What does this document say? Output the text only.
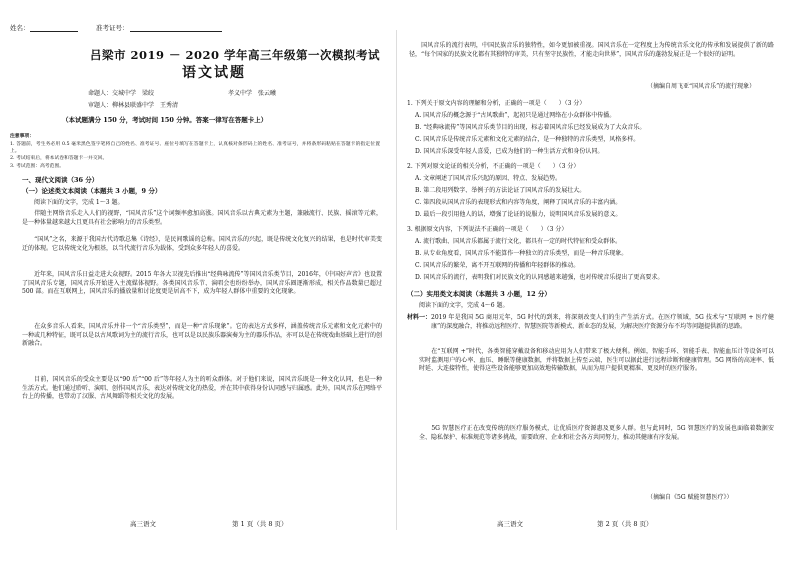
姓名：	准考证号：
吕梁市 2019 － 2020 学年高三年级第一次模拟考试
语文试题
命题人：交城中学　梁皎	孝义中学　张云曦
审题人：柳林县联盛中学　王秀清
（本试题满分 150 分，考试时间 150 分钟。答案一律写在答题卡上）
注意事项：
1. 答题前，考生务必用 0.5 毫米黑色签字笔将自己的姓名、准考证号、座位号填写在答题卡上，认真核对条形码上的姓名、准考证号，并将条形码粘贴在答题卡的指定位置上。
2. 考试结束后，将本试卷和答题卡一并交回。
3. 考试范围：高考范围。
一、现代文阅读（36 分）
（一）论述类文本阅读（本题共 3 小题，9 分）
阅读下面的文字，完成 1～3 题。
　　伴随主网络音乐走入人们的视野，“国风音乐”这个词频率愈加高涨。国风音乐以古典元素为主题，兼融流行、民族、摇滚等元素，是一种体量越来越大且更具有社会影响力的音乐类型。
　　“国风”之名，来源于我国古代诗歌总集《诗经》，是民间歌谣的总称。国风音乐的兴起，既是传统文化复兴的结果，也是时代审美变迁的体现。它以传统文化为根基，以当代流行音乐为载体，受到众多年轻人的喜爱。
　　近年来，国风音乐日益走进大众视野。2015 年各大卫视先后推出“经典咏流传”等国风音乐类节目，2016年，《中国好声音》也设置了国风音乐专题，国风音乐开始进入主流媒体视野。各类国风音乐节、演唱会也纷纷举办，国风音乐圈逐渐形成，相关作品数量已超过 500 部。而在互联网上，国风音乐的播放量和讨论度更是居高不下，成为年轻人群体中重要的文化现象。
　　在众多音乐人看来，国风音乐并非一个“音乐类型”，而是一种“音乐现象”。它的表达方式多样，涵盖传统音乐元素和文化元素中的一种或几种特征，既可以是以古风歌词为主的流行音乐，也可以是以民族乐器演奏为主的器乐作品，亦可以是在传统戏曲基础上进行的创新融合。
　　目前，国风音乐的受众主要是以“90 后”“00 后”等年轻人为主的听众群体。对于他们来说，国风音乐既是一种文化认同，也是一种生活方式。他们通过聆听、演唱、创作国风音乐，表达对传统文化的热爱，并在其中获得身份认同感与归属感。此外，国风音乐在网络平台上的传播，也带动了汉服、古风舞蹈等相关文化的发展。
高三语文	第 1 页（共 8 页）
　　国风音乐的流行表明，中国民族音乐的独特性，如今更加被重视。国风音乐在一定程度上为传统音乐文化的传承和发展提供了新的路径，“每个国家的民族文化都有其独特的审美，只有坚守民族性，才能走向世界”，国风音乐的蓬勃发展正是一个很好的证明。
（摘编自周飞亚“国风音乐”的流行现象）
1. 下列关于原文内容的理解和分析，正确的一项是（　　）（3 分）
A. 国风音乐的概念源于“古风歌曲”，起初只是通过网络在小众群体中传播。
B. “经典咏流传”等国风音乐类节目的出现，标志着国风音乐已经发展成为了大众音乐。
C. 国风音乐是传统音乐元素和文化元素的结合，是一种独特的音乐类型，风格多样。
D. 国风音乐深受年轻人喜爱，已成为他们的一种生活方式和身份认同。
2. 下列对原文论证的相关分析，不正确的一项是（　　）（3 分）
A. 文章阐述了国风音乐兴起的原因、特点、发展趋势。
B. 第二段用列数字、举例子的方法论证了国风音乐的发展壮大。
C. 第四段从国风音乐的表现形式和内容等角度，阐释了国风音乐的丰富内涵。
D. 最后一段引用他人的话，增强了论证的说服力，说明国风音乐发展的意义。
3. 根据原文内容，下列说法不正确的一项是（　　）（3 分）
A. 流行歌曲、国风音乐都属于流行文化，都具有一定的时代特征和受众群体。
B. 从专业角度看，国风音乐不能算作一种独立的音乐类型，而是一种音乐现象。
C. 国风音乐的繁荣，离不开互联网的传播和年轻群体的推动。
D. 国风音乐的流行，表明我们对民族文化的认同感越来越强，也对传统音乐提出了更高要求。
（二）实用类文本阅读（本题共 3 小题，12 分）
阅读下面的文字，完成 4～6 题。
材料一： 2019 年是我国 5G 商用元年，5G 时代的到来，将深刻改变人们的生产生活方式。在医疗领域，5G 技术与“互联网 + 医疗健康”的深度融合，将推动远程医疗、智慧医院等新模式、新业态的发展，为解决医疗资源分布不均等问题提供新的思路。
　　在“互联网 +”时代，各类智能穿戴设备和移动应用为人们带来了极大便利。例如，智能手环、智能手表、智能血压计等设备可以实时监测用户的心率、血压、睡眠等健康数据，并将数据上传至云端，医生可以据此进行远程诊断和健康管理。5G 网络的高速率、低时延、大连接特性，使得这些设备能够更加高效地传输数据，从而为用户提供更精准、更及时的医疗服务。
　　5G 智慧医疗正在改变传统的医疗服务模式，让优质医疗资源惠及更多人群。但与此同时，5G 智慧医疗的发展也面临着数据安全、隐私保护、标准规范等诸多挑战，需要政府、企业和社会各方共同努力，推动其健康有序发展。
（摘编自《5G 赋能智慧医疗》）
高三语文	第 2 页（共 8 页）
